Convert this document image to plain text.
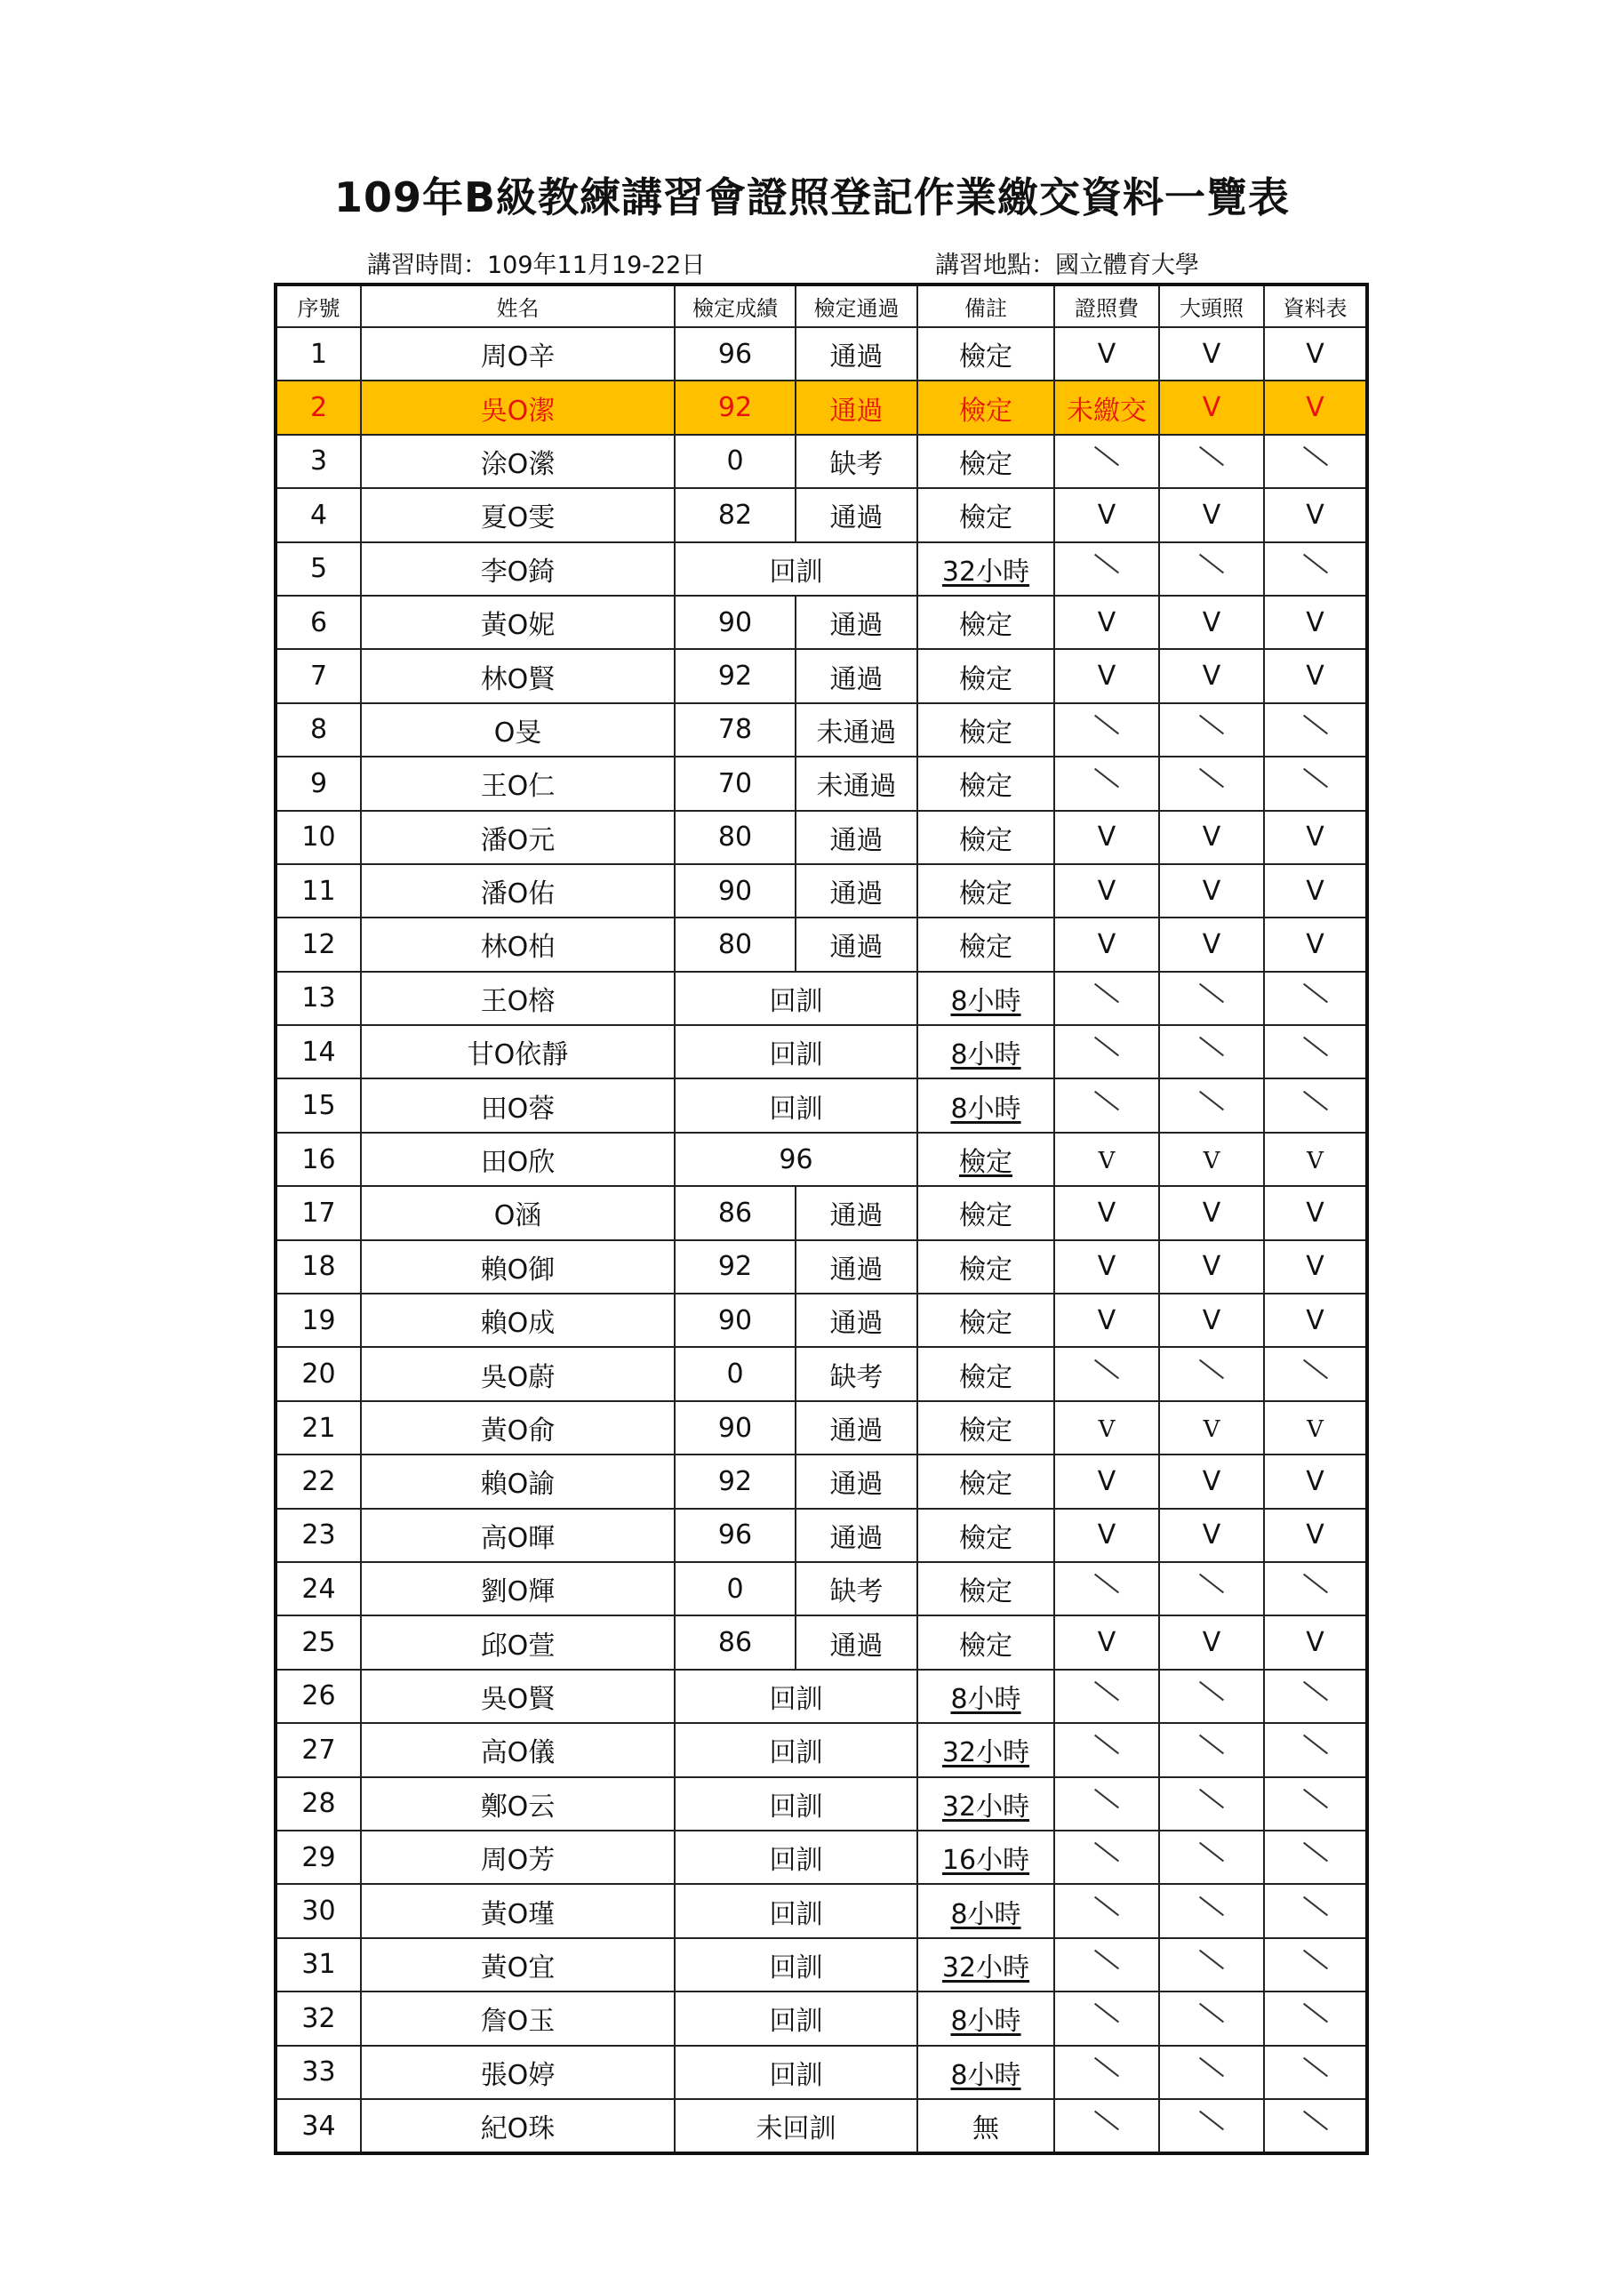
109年B級教練講習會證照登記作業繳交資料一覽表
講習時間：109年11月19-22日	講習地點：國立體育大學
序號	姓名	檢定成績	檢定通過	備註	證照費	大頭照	資料表
1	周O辛	96	通過	檢定	V	V	V
2	吳O潔	92	通過	檢定	未繳交	V	V
3	涂O瀠	0	缺考	檢定	

4	夏O雯	82	通過	檢定	V	V	V
5	李O錡	回訓		32小時	

6	黃O妮	90	通過	檢定	V	V	V
7	林O賢	92	通過	檢定	V	V	V
8	O旻	78	未通過	檢定	

9	王O仁	70	未通過	檢定	

10	潘O元	80	通過	檢定	V	V	V
11	潘O佑	90	通過	檢定	V	V	V
12	林O柏	80	通過	檢定	V	V	V
13	王O榕	回訓		8小時	

14	甘O依靜	回訓		8小時	

15	田O蓉	回訓		8小時	

16	田O欣	96		檢定	V	V	V
17	O涵	86	通過	檢定	V	V	V
18	賴O御	92	通過	檢定	V	V	V
19	賴O成	90	通過	檢定	V	V	V
20	吳O蔚	0	缺考	檢定	

21	黃O俞	90	通過	檢定	V	V	V
22	賴O諭	92	通過	檢定	V	V	V
23	高O暉	96	通過	檢定	V	V	V
24	劉O輝	0	缺考	檢定	

25	邱O萱	86	通過	檢定	V	V	V
26	吳O賢	回訓		8小時	

27	高O儀	回訓		32小時	

28	鄭O云	回訓		32小時	

29	周O芳	回訓		16小時	

30	黃O瑾	回訓		8小時	

31	黃O宜	回訓		32小時	

32	詹O玉	回訓		8小時	

33	張O婷	回訓		8小時	

34	紀O珠	未回訓		無	
